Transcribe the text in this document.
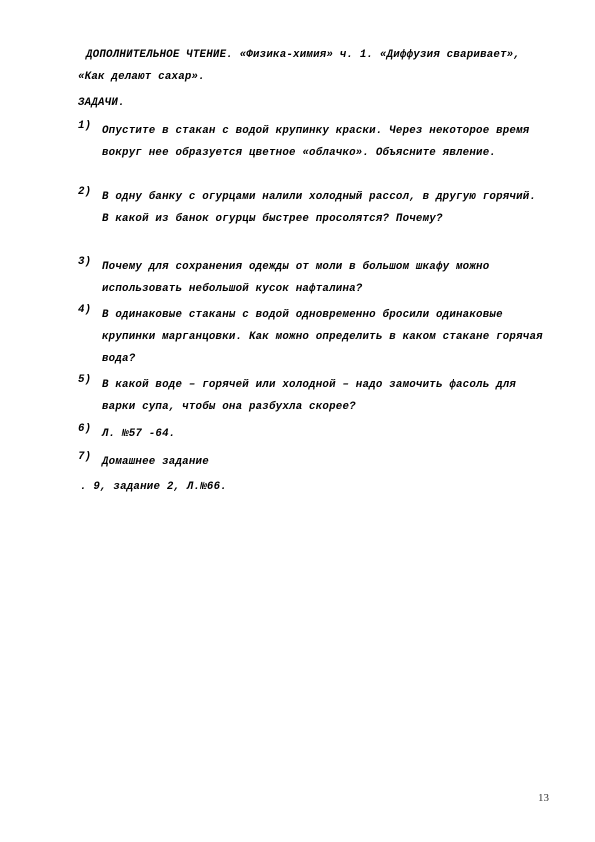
ДОПОЛНИТЕЛЬНОЕ ЧТЕНИЕ. «Физика-химия» ч. 1. «Диффузия сваривает», «Как делают сахар».
ЗАДАЧИ.
1) Опустите в стакан с водой крупинку краски. Через некоторое время вокруг нее образуется цветное «облачко». Объясните явление.
2) В одну банку с огурцами налили холодный рассол, в другую горячий. В какой из банок огурцы быстрее просолятся? Почему?
3) Почему для сохранения одежды от моли в большом шкафу можно использовать небольшой кусок нафталина?
4) В одинаковые стаканы с водой одновременно бросили одинаковые крупинки марганцовки. Как можно определить в каком стакане горячая вода?
5) В какой воде – горячей или холодной – надо замочить фасоль для варки супа, чтобы она разбухла скорее?
6) Л. №57 -64.
7) Домашнее задание
. 9, задание 2, Л.№66.
13
